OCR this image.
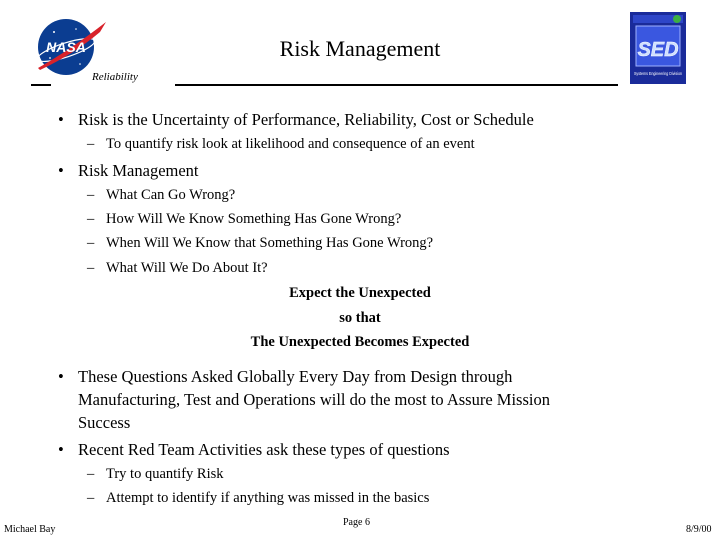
NASA	SED
Systems Engineering Division
Risk Management
Reliability
• Risk is the Uncertainty of Performance, Reliability, Cost or Schedule
– To quantify risk look at likelihood and consequence of an event
• Risk Management
– What Can Go Wrong?
– How Will We Know Something Has Gone Wrong?
– When Will We Know that Something Has Gone Wrong?
– What Will We Do About It?
Expect the Unexpected
so that
The Unexpected Becomes Expected
• These Questions Asked Globally Every Day from Design through
Manufacturing, Test and Operations will do the most to Assure Mission
Success
• Recent Red Team Activities ask these types of questions
– Try to quantify Risk
– Attempt to identify if anything was missed in the basics
Michael Bay
Page 6
8/9/00
